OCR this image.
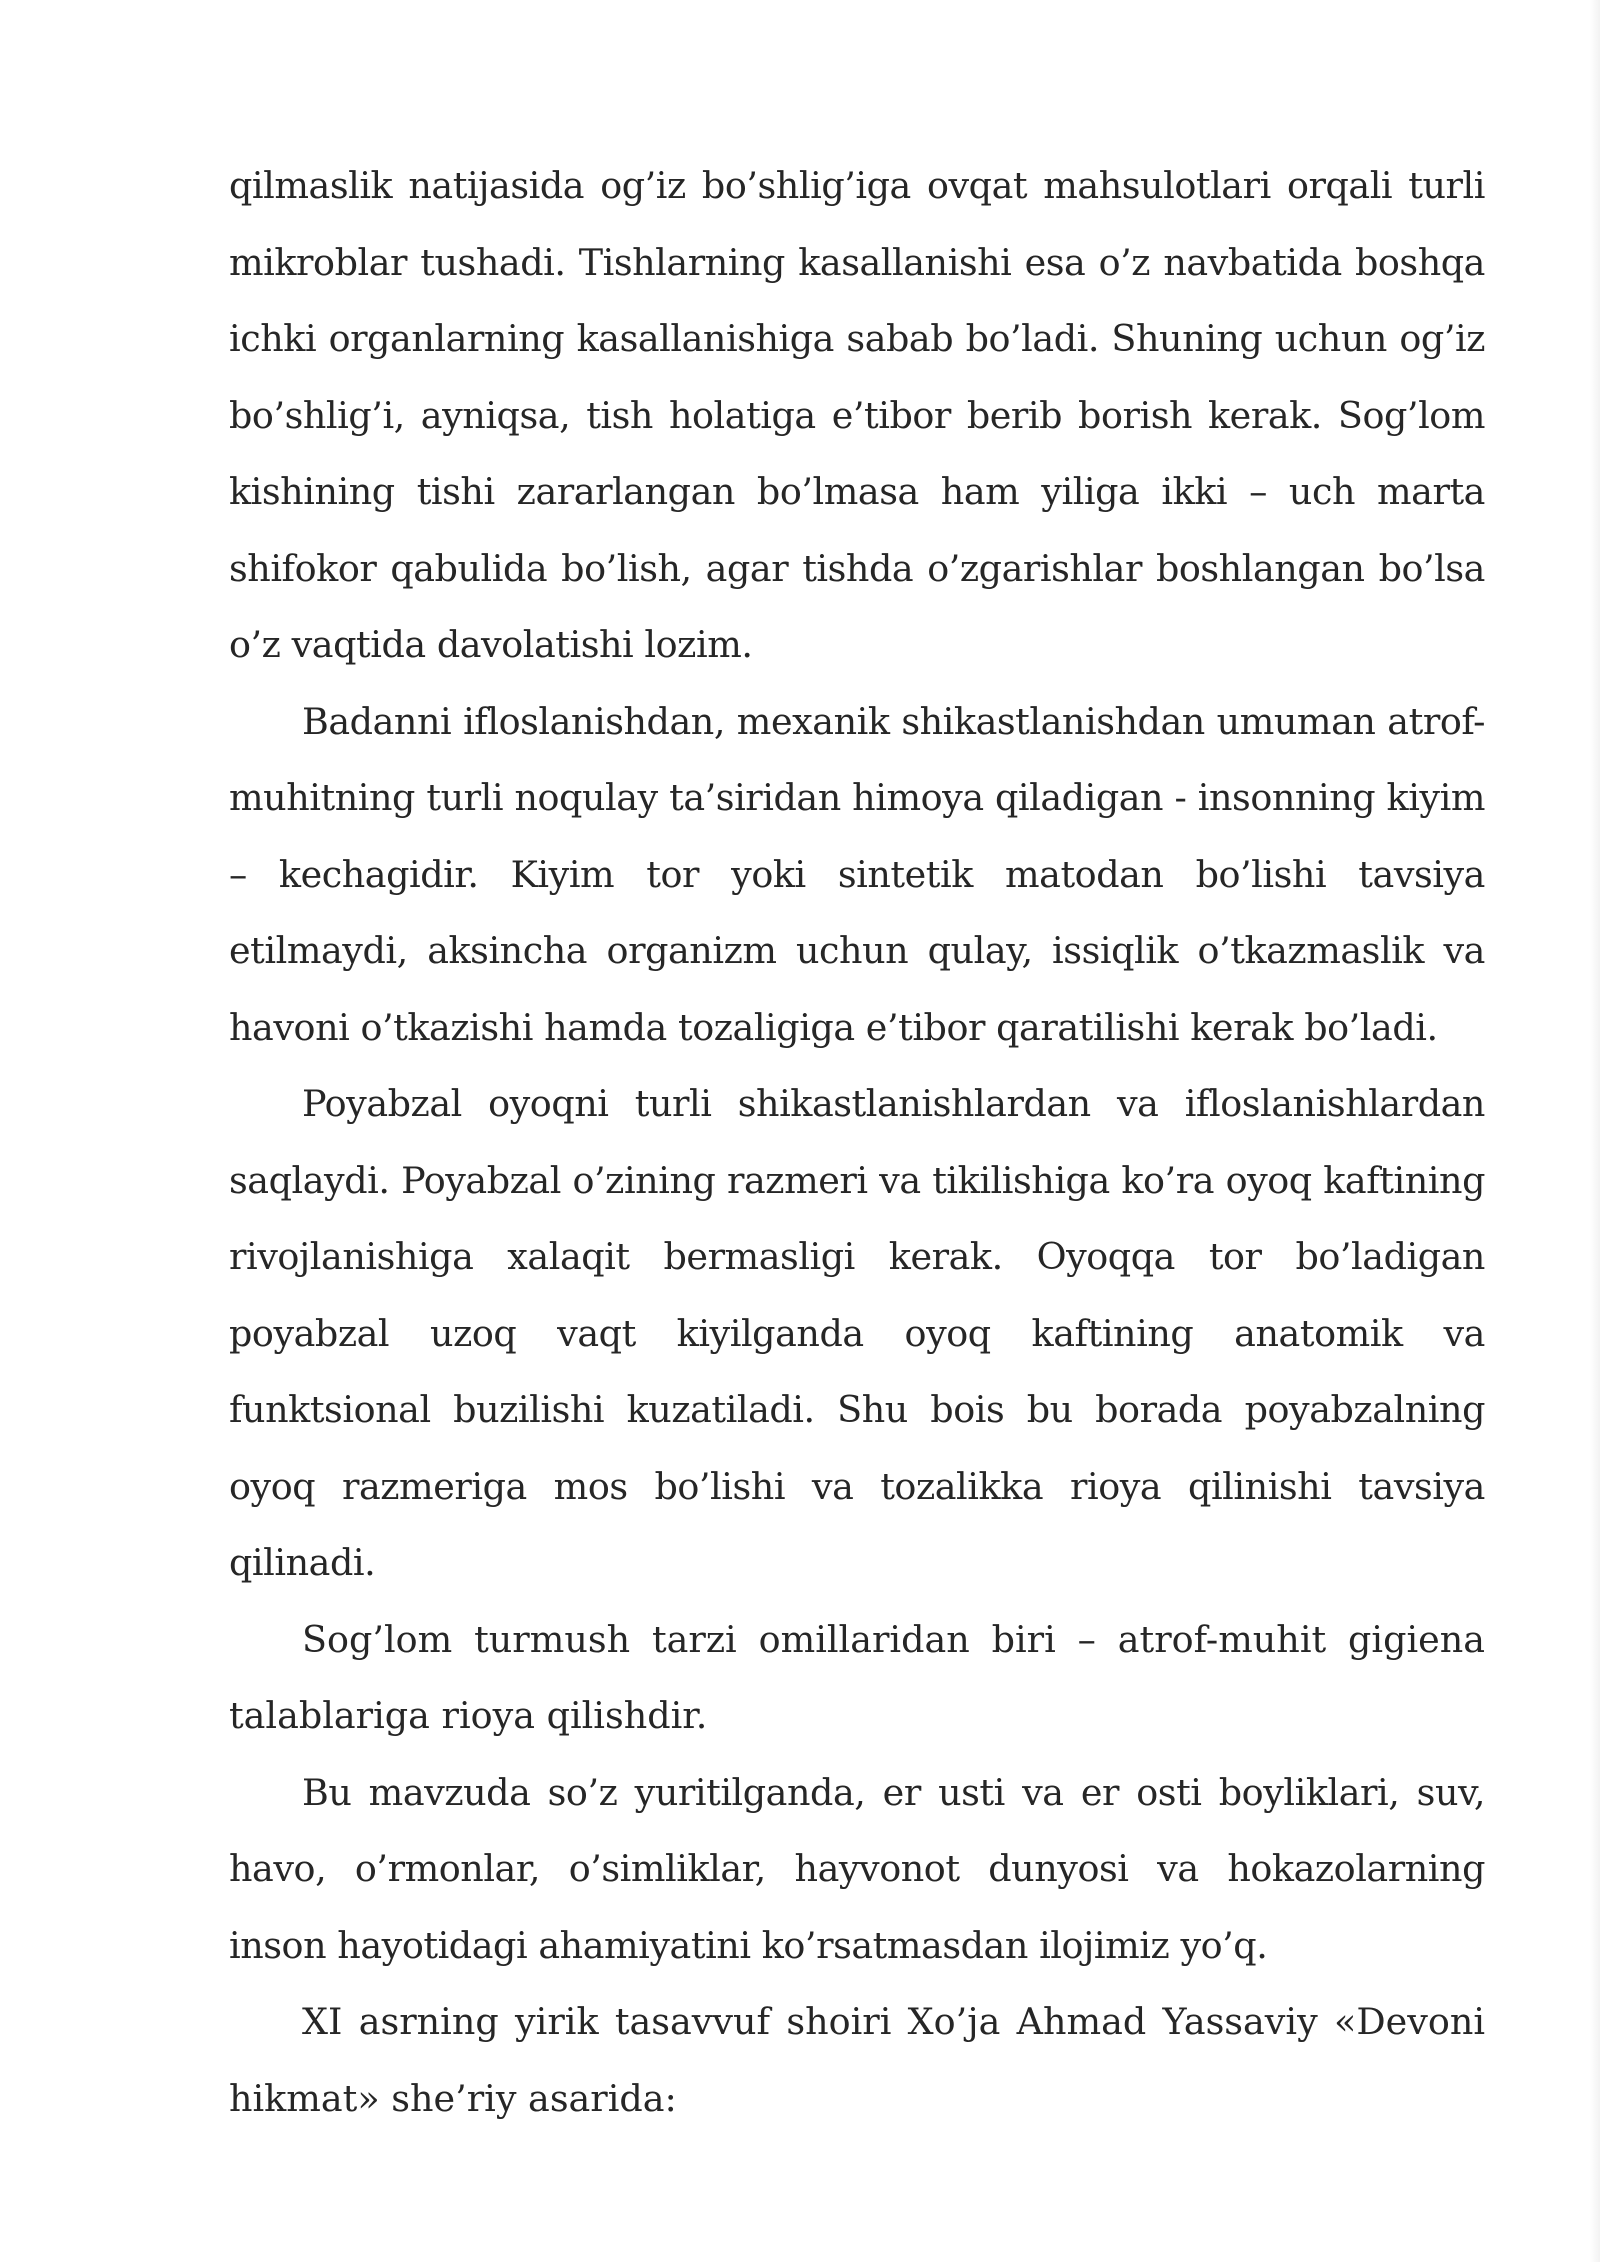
qilmaslik natijasida og’iz bo’shlig’iga ovqat mahsulotlari orqali turli mikroblar tushadi. Tishlarning kasallanishi esa o’z navbatida boshqa ichki organlarning kasallanishiga sabab bo’ladi. Shuning uchun og’iz bo’shlig’i, ayniqsa, tish holatiga e’tibor berib borish kerak. Sog’lom kishining tishi zararlangan bo’lmasa ham yiliga ikki – uch marta shifokor qabulida bo’lish, agar tishda o’zgarishlar boshlangan bo’lsa o’z vaqtida davolatishi lozim.

Badanni ifloslanishdan, mexanik shikastlanishdan umuman atrof-muhitning turli noqulay ta’siridan himoya qiladigan - insonning kiyim – kechagidir. Kiyim tor yoki sintetik matodan bo’lishi tavsiya etilmaydi, aksincha organizm uchun qulay, issiqlik o’tkazmaslik va havoni o’tkazishi hamda tozaligiga e’tibor qaratilishi kerak bo’ladi.

Poyabzal oyoqni turli shikastlanishlardan va ifloslanishlardan saqlaydi. Poyabzal o’zining razmeri va tikilishiga ko’ra oyoq kaftining rivojlanishiga xalaqit bermasligi kerak. Oyoqqa tor bo’ladigan poyabzal uzoq vaqt kiyilganda oyoq kaftining anatomik va funktsional buzilishi kuzatiladi. Shu bois bu borada poyabzalning oyoq razmeriga mos bo’lishi va tozalikka rioya qilinishi tavsiya qilinadi.

Sog’lom turmush tarzi omillaridan biri – atrof-muhit gigiena talablariga rioya qilishdir.

Bu mavzuda so’z yuritilganda, er usti va er osti boyliklari, suv, havo, o’rmonlar, o’simliklar, hayvonot dunyosi va hokazolarning inson hayotidagi ahamiyatini ko’rsatmasdan ilojimiz yo’q.

XI asrning yirik tasavvuf shoiri Xo’ja Ahmad Yassaviy «Devoni hikmat» she’riy asarida:
